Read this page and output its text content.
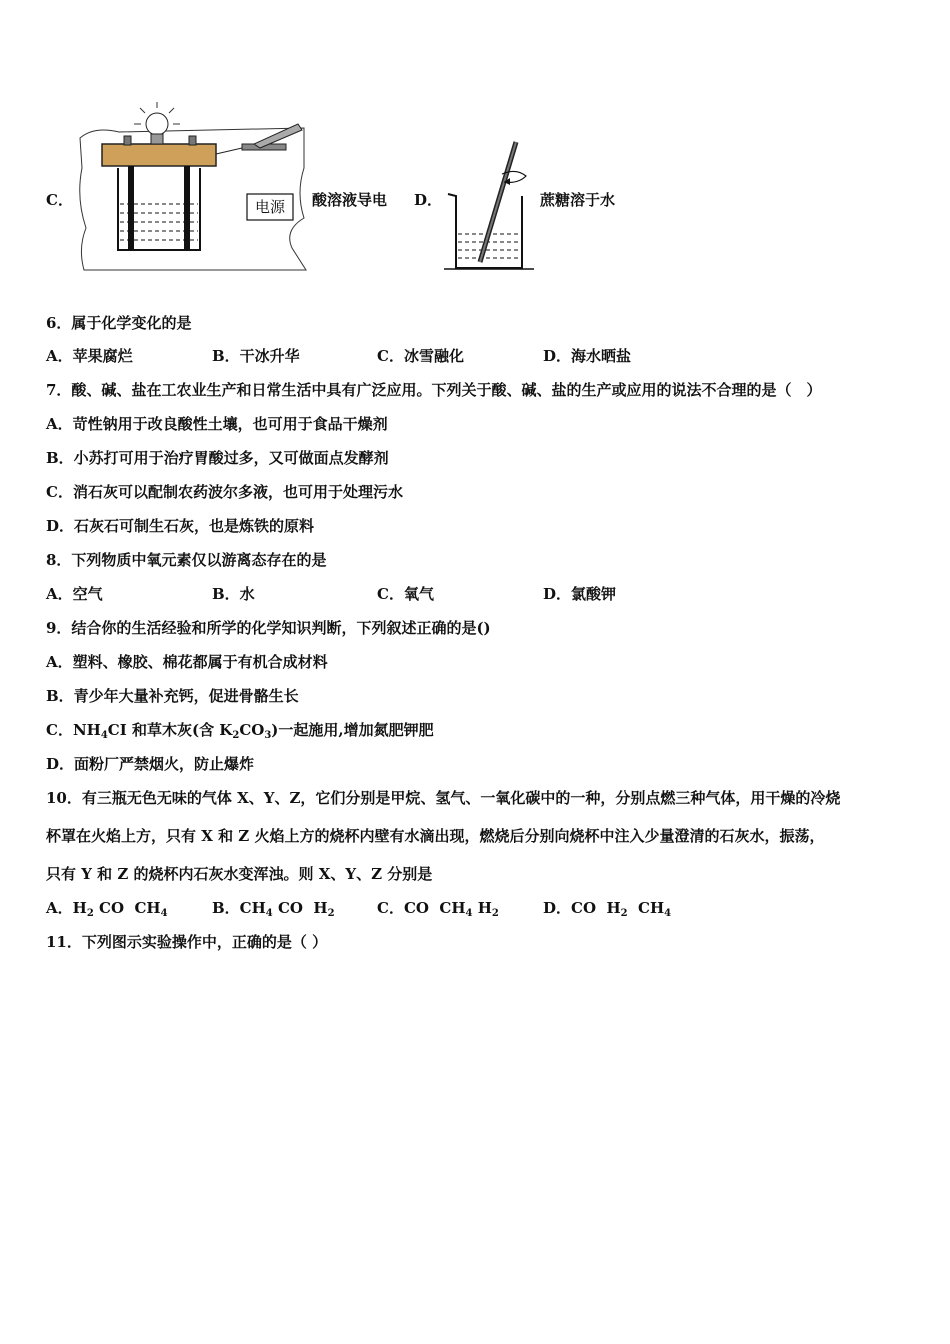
C．	电源 酸溶液导电 D．	蔗糖溶于水
6．属于化学变化的是
A．苹果腐烂	B．干冰升华	C．冰雪融化	D．海水晒盐
7．酸、碱、盐在工农业生产和日常生活中具有广泛应用。下列关于酸、碱、盐的生产或应用的说法不合理的是（　）
A．苛性钠用于改良酸性土壤，也可用于食品干燥剂
B．小苏打可用于治疗胃酸过多，又可做面点发酵剂
C．消石灰可以配制农药波尔多液，也可用于处理污水
D．石灰石可制生石灰，也是炼铁的原料
8．下列物质中氧元素仅以游离态存在的是
A．空气	B．水	C．氧气	D．氯酸钾
9．结合你的生活经验和所学的化学知识判断，下列叙述正确的是()
A．塑料、橡胶、棉花都属于有机合成材料
B．青少年大量补充钙，促进骨骼生长
C．$NH_4CI$ 和草木灰(含 $K_2CO_3$)一起施用,增加氮肥钾肥
D．面粉厂严禁烟火，防止爆炸
10．有三瓶无色无味的气体 X、Y、Z，它们分别是甲烷、氢气、一氧化碳中的一种，分别点燃三种气体，用干燥的冷烧
杯罩在火焰上方，只有 X 和 Z 火焰上方的烧杯内壁有水滴出现，燃烧后分别向烧杯中注入少量澄清的石灰水，振荡，
只有 Y 和 Z 的烧杯内石灰水变浑浊。则 X、Y、Z 分别是
A．$H_2$ CO  $CH_4$	B．$CH_4$ CO  $H_2$	C．CO  $CH_4$ $H_2$	D．CO  $H_2$  $CH_4$
11．下列图示实验操作中，正确的是（ ）
